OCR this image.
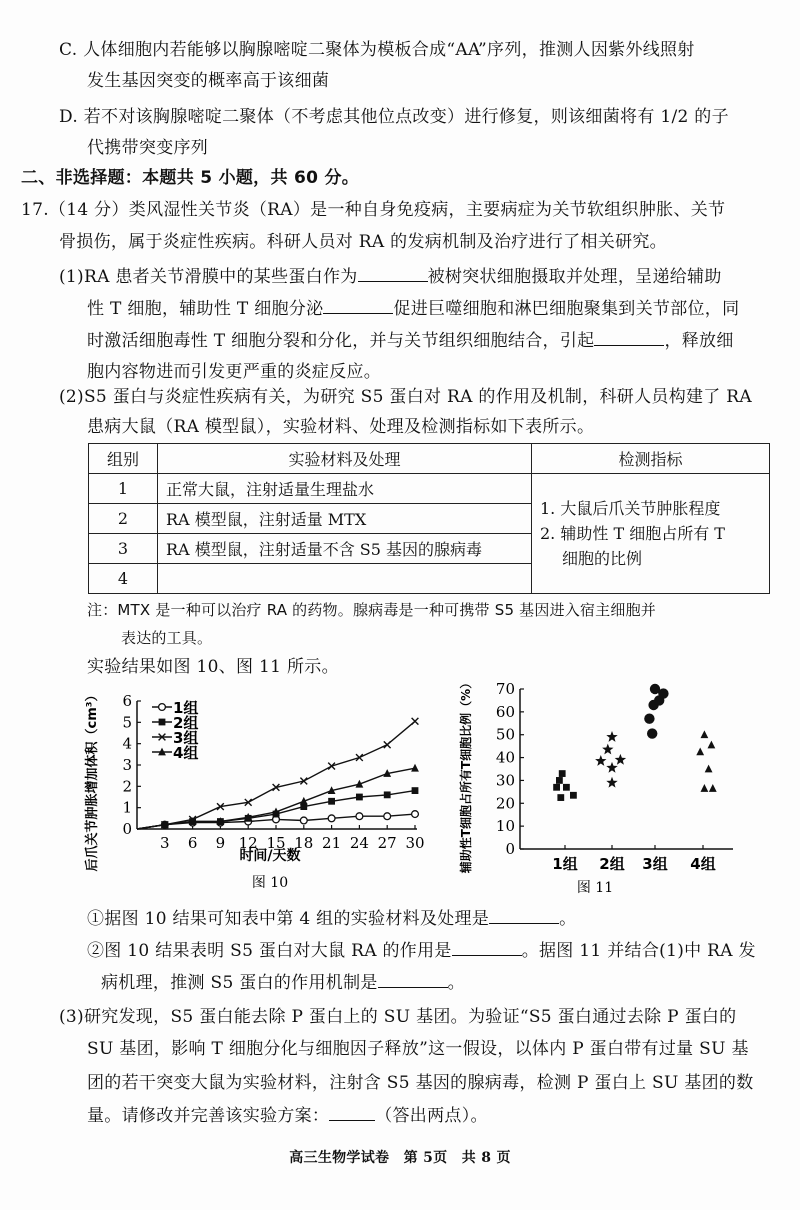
C. 人体细胞内若能够以胸腺嘧啶二聚体为模板合成“AA”序列，推测人因紫外线照射
发生基因突变的概率高于该细菌
D. 若不对该胸腺嘧啶二聚体（不考虑其他位点改变）进行修复，则该细菌将有 1/2 的子
代携带突变序列
二、非选择题：本题共 5 小题，共 60 分。
17.（14 分）类风湿性关节炎（RA）是一种自身免疫病，主要病症为关节软组织肿胀、关节
骨损伤，属于炎症性疾病。科研人员对 RA 的发病机制及治疗进行了相关研究。
(1)RA 患者关节滑膜中的某些蛋白作为	被树突状细胞摄取并处理，呈递给辅助
性 T 细胞，辅助性 T 细胞分泌	促进巨噬细胞和淋巴细胞聚集到关节部位，同
时激活细胞毒性 T 细胞分裂和分化，并与关节组织细胞结合，引起	，释放细
胞内容物进而引发更严重的炎症反应。
(2)S5 蛋白与炎症性疾病有关，为研究 S5 蛋白对 RA 的作用及机制，科研人员构建了 RA
患病大鼠（RA 模型鼠），实验材料、处理及检测指标如下表所示。
组别	实验材料及处理	检测指标
1	正常大鼠，注射适量生理盐水	1. 大鼠后爪关节肿胀程度
2. 辅助性 T 细胞占所有 T
细胞的比例

2	RA 模型鼠，注射适量 MTX	
3	RA 模型鼠，注射适量不含 S5 基因的腺病毒	
4		
注：MTX 是一种可以治疗 RA 的药物。腺病毒是一种可携带 S5 基因进入宿主细胞并
表达的工具。
实验结果如图 10、图 11 所示。
后爪关节肿胀增加体积（cm³） 0
1
2
3
4
5
6
3 6 9 12 15 18 21 24 27 30
1组
2组
3组
4组
时间/天数
图 10
辅助性T细胞占所有T细胞比例（%） 0
10
20
30
40
50
60
70
1组 2组 3组 4组
图 11
①据图 10 结果可知表中第 4 组的实验材料及处理是	。
②图 10 结果表明 S5 蛋白对大鼠 RA 的作用是	。据图 11 并结合(1)中 RA 发
病机理，推测 S5 蛋白的作用机制是	。
(3)研究发现，S5 蛋白能去除 P 蛋白上的 SU 基团。为验证“S5 蛋白通过去除 P 蛋白的
SU 基团，影响 T 细胞分化与细胞因子释放”这一假设，以体内 P 蛋白带有过量 SU 基
团的若干突变大鼠为实验材料，注射含 S5 基因的腺病毒，检测 P 蛋白上 SU 基团的数
量。请修改并完善该实验方案：	（答出两点）。
高三生物学试卷　第 5页　共 8 页
